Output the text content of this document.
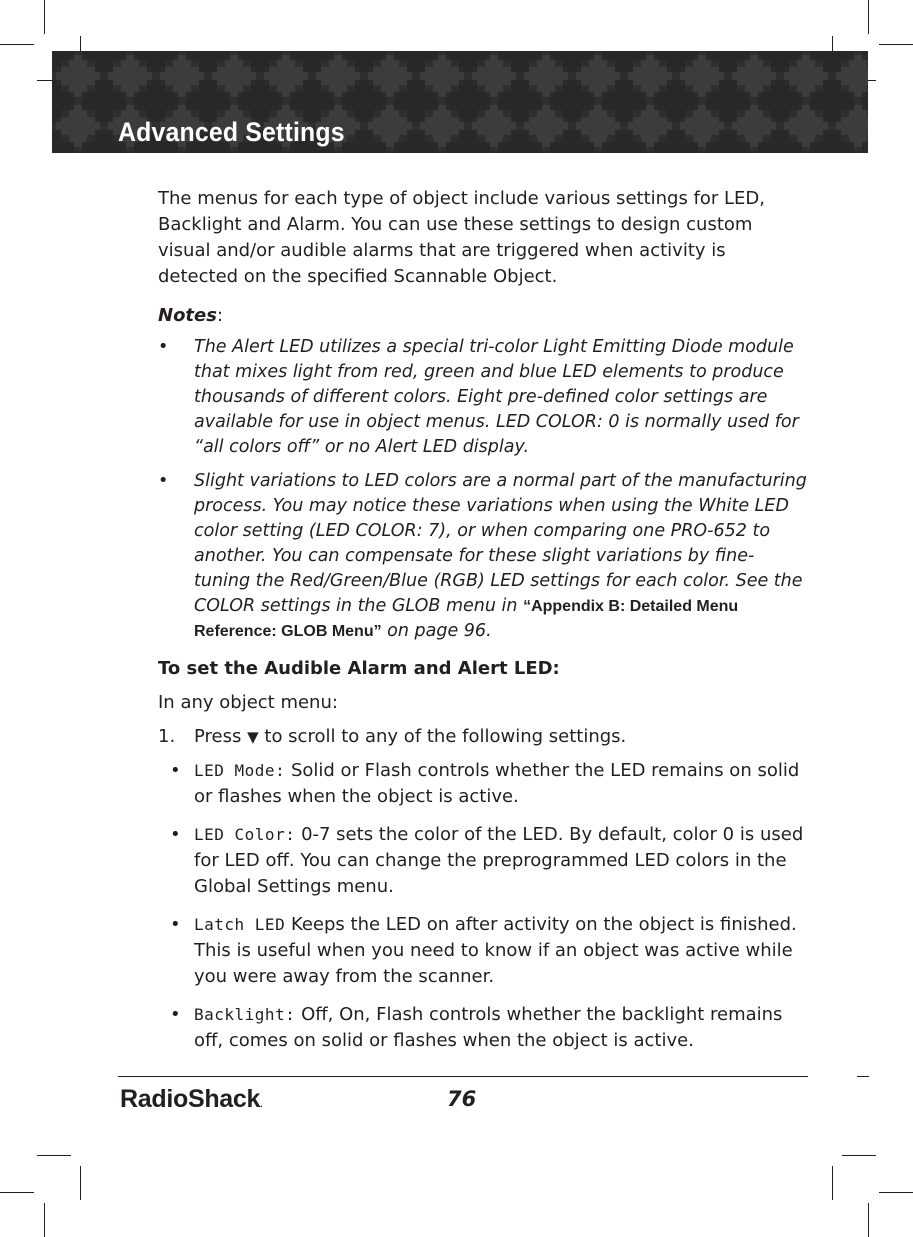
Advanced Settings

The menus for each type of object include various settings for LED, Backlight and Alarm. You can use these settings to design custom visual and/or audible alarms that are triggered when activity is detected on the specified Scannable Object.

Notes:

• The Alert LED utilizes a special tri-color Light Emitting Diode module that mixes light from red, green and blue LED elements to produce thousands of different colors. Eight pre-defined color settings are available for use in object menus. LED COLOR: 0 is normally used for “all colors off” or no Alert LED display.
• Slight variations to LED colors are a normal part of the manufacturing process. You may notice these variations when using the White LED color setting (LED COLOR: 7), or when comparing one PRO-652 to another. You can compensate for these slight variations by fine-tuning the Red/Green/Blue (RGB) LED settings for each color. See the COLOR settings in the GLOB menu in “Appendix B: Detailed Menu Reference: GLOB Menu” on page 96.

To set the Audible Alarm and Alert LED:

In any object menu:

1. Press ▼ to scroll to any of the following settings.
• LED Mode: Solid or Flash controls whether the LED remains on solid or flashes when the object is active.
• LED Color: 0-7 sets the color of the LED. By default, color 0 is used for LED off. You can change the preprogrammed LED colors in the Global Settings menu.
• Latch LED Keeps the LED on after activity on the object is finished. This is useful when you need to know if an object was active while you were away from the scanner.
• Backlight: Off, On, Flash controls whether the backlight remains off, comes on solid or flashes when the object is active.
RadioShack.	76
